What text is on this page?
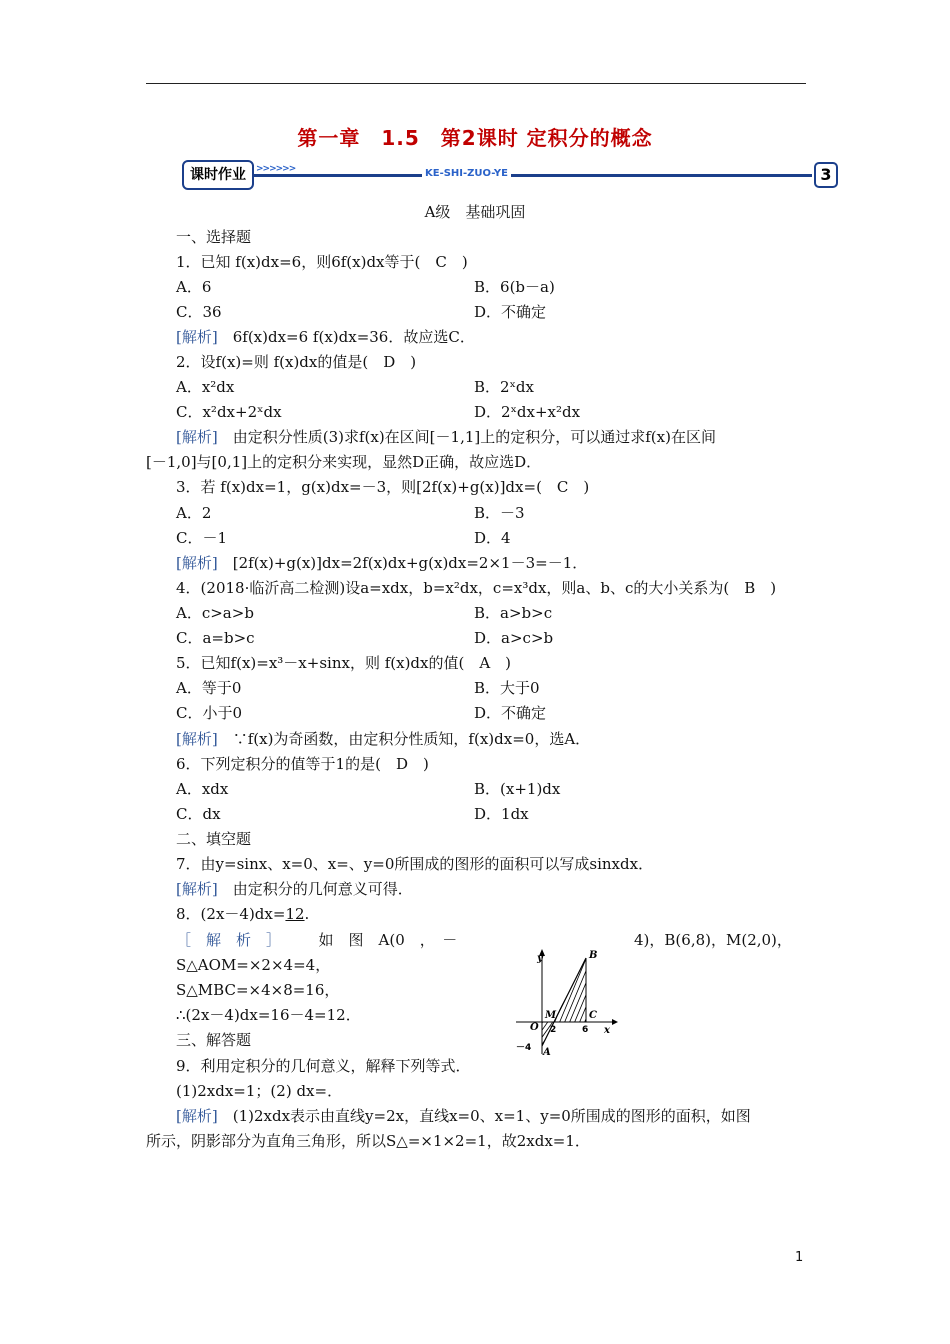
第一章　1.5　第2课时 定积分的概念
课时作业	>>>>>>	KE-SHI-ZUO-YE	3
A级　基础巩固
一、选择题
1．已知 f(x)dx=6，则6f(x)dx等于(　C　)
A．6	B．6(b－a)
C．36	D．不确定
[解析]　6f(x)dx=6 f(x)dx=36．故应选C．
2．设f(x)=则 f(x)dx的值是(　D　)
A．x²dx	B．2ˣdx
C．x²dx+2ˣdx	D．2ˣdx+x²dx
[解析]　由定积分性质(3)求f(x)在区间[－1,1]上的定积分，可以通过求f(x)在区间
[－1,0]与[0,1]上的定积分来实现，显然D正确，故应选D．
3．若 f(x)dx=1，g(x)dx=－3，则[2f(x)+g(x)]dx=(　C　)
A．2	B．－3
C．－1	D．4
[解析]　[2f(x)+g(x)]dx=2f(x)dx+g(x)dx=2×1－3=－1．
4．(2018·临沂高二检测)设a=xdx，b=x²dx，c=x³dx，则a、b、c的大小关系为(　B　)
A．c>a>b	B．a>b>c
C．a=b>c	D．a>c>b
5．已知f(x)=x³－x+sinx，则 f(x)dx的值(　A　)
A．等于0	B．大于0
C．小于0	D．不确定
[解析]　∵f(x)为奇函数，由定积分性质知，f(x)dx=0，选A．
6．下列定积分的值等于1的是(　D　)
A．xdx	B．(x+1)dx
C．dx	D．1dx
二、填空题
7．由y=sinx、x=0、x=、y=0所围成的图形的面积可以写成sinxdx．
[解析]　由定积分的几何意义可得．
8．(2x－4)dx=12.
［　解　析　］　　　	如　图　A(0　，　－	4)，B(6,8)，M(2,0)，
S△AOM=×2×4=4，
S△MBC=×4×8=16，
∴(2x－4)dx=16－4=12．
y
x
B
M	C
O
A
2	6
－4
三、解答题
9．利用定积分的几何意义，解释下列等式．
(1)2xdx=1；(2) dx=．
[解析]　(1)2xdx表示由直线y=2x，直线x=0、x=1、y=0所围成的图形的面积，如图
所示，阴影部分为直角三角形，所以S△=×1×2=1，故2xdx=1．
1
